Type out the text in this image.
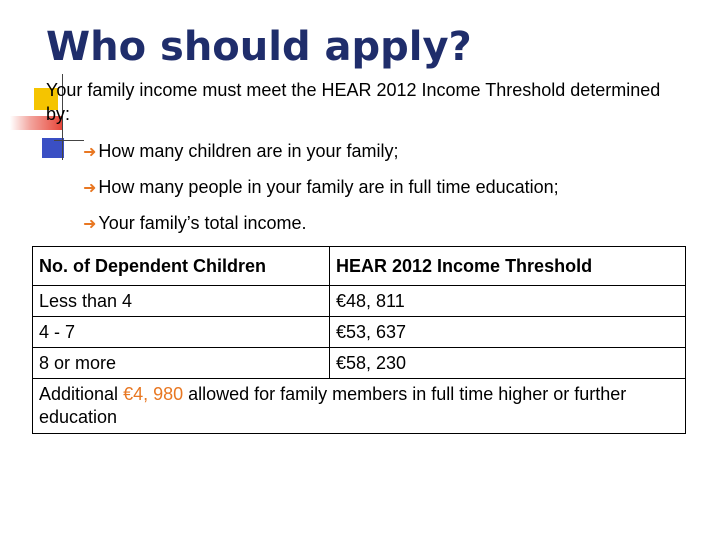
Who should apply?
Your family income must meet the HEAR 2012 Income Threshold determined by:
➜ How many children are in your family;
➜ How many people in your family are in full time education;
➜ Your family’s total income.
No. of Dependent Children	HEAR 2012 Income Threshold
Less than 4	€48, 811
4 - 7	€53, 637
8 or more	€58, 230
Additional €4, 980 allowed for family members in full time higher or further education	
